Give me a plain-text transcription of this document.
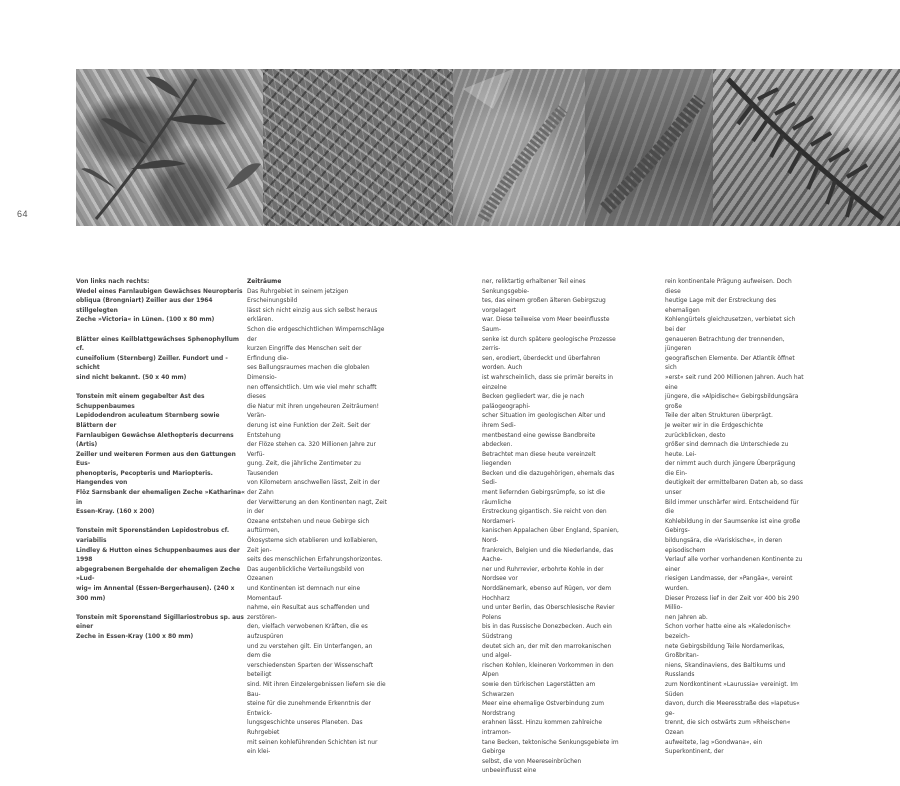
64

Von links nach rechts:
Wedel eines Farnlaubigen Gewächses Neuropteris
obliqua (Brongniart) Zeiller aus der 1964 stillgelegten
Zeche »Victoria« in Lünen. (100 x 80 mm)

Blätter eines Keilblattgewächses Sphenophyllum cf.
cuneifolium (Sternberg) Zeiller. Fundort und -schicht
sind nicht bekannt. (50 x 40 mm)

Tonstein mit einem gegabelter Ast des Schuppenbaumes
Lepidodendron aculeatum Sternberg sowie Blättern der
Farnlaubigen Gewächse Alethopteris decurrens (Artis)
Zeiller und weiteren Formen aus den Gattungen Eus-
phenopteris, Pecopteris und Mariopteris. Hangendes von
Flöz Sarnsbank der ehemaligen Zeche »Katharina« in
Essen-Kray. (160 x 200)

Tonstein mit Sporenständen Lepidostrobus cf. variabilis
Lindley & Hutton eines Schuppenbaumes aus der 1998
abgegrabenen Bergehalde der ehemaligen Zeche »Lud-
wig« im Annental (Essen-Bergerhausen). (240 x 300 mm)

Tonstein mit Sporenstand Sigillariostrobus sp. aus einer
Zeche in Essen-Kray (100 x 80 mm)

Zeiträume

Das Ruhrgebiet in seinem jetzigen Erscheinungsbild
lässt sich nicht einzig aus sich selbst heraus erklären.
Schon die erdgeschichtlichen Wimpernschläge der
kurzen Eingriffe des Menschen seit der Erfindung die-
ses Ballungsraumes machen die globalen Dimensio-
nen offensichtlich. Um wie viel mehr schafft dieses
die Natur mit ihren ungeheuren Zeiträumen! Verän-
derung ist eine Funktion der Zeit. Seit der Entstehung
der Flöze stehen ca. 320 Millionen Jahre zur Verfü-
gung. Zeit, die jährliche Zentimeter zu Tausenden
von Kilometern anschwellen lässt, Zeit in der der Zahn
der Verwitterung an den Kontinenten nagt, Zeit in der
Ozeane entstehen und neue Gebirge sich auftürmen,
Ökosysteme sich etablieren und kollabieren, Zeit jen-
seits des menschlichen Erfahrungshorizontes.
Das augenblickliche Verteilungsbild von Ozeanen
und Kontinenten ist demnach nur eine Momentauf-
nahme, ein Resultat aus schaffenden und zerstören-
den, vielfach verwobenen Kräften, die es aufzuspüren
und zu verstehen gilt. Ein Unterfangen, an dem die
verschiedensten Sparten der Wissenschaft beteiligt
sind. Mit ihren Einzelergebnissen liefern sie die Bau-
steine für die zunehmende Erkenntnis der Entwick-
lungsgeschichte unseres Planeten. Das Ruhrgebiet
mit seinen kohleführenden Schichten ist nur ein klei-

ner, reliktartig erhaltener Teil eines Senkungsgebie-
tes, das einem großen älteren Gebirgszug vorgelagert
war. Diese teilweise vom Meer beeinflusste Saum-
senke ist durch spätere geologische Prozesse zerris-
sen, erodiert, überdeckt und überfahren worden. Auch
ist wahrscheinlich, dass sie primär bereits in einzelne
Becken gegliedert war, die je nach paläogeographi-
scher Situation im geologischen Alter und ihrem Sedi-
mentbestand eine gewisse Bandbreite abdecken.
Betrachtet man diese heute vereinzelt liegenden
Becken und die dazugehörigen, ehemals das Sedi-
ment liefernden Gebirgsrümpfe, so ist die räumliche
Erstreckung gigantisch. Sie reicht von den Nordameri-
kanischen Appalachen über England, Spanien, Nord-
frankreich, Belgien und die Niederlande, das Aache-
ner und Ruhrrevier, erbohrte Kohle in der Nordsee vor
Norddänemark, ebenso auf Rügen, vor dem Hochharz
und unter Berlin, das Oberschlesische Revier Polens
bis in das Russische Donezbecken. Auch ein Südstrang
deutet sich an, der mit den marrokanischen und algel-
rischen Kohlen, kleineren Vorkommen in den Alpen
sowie den türkischen Lagerstätten am Schwarzen
Meer eine ehemalige Ostverbindung zum Nordstrang
erahnen lässt. Hinzu kommen zahlreiche intramon-
tane Becken, tektonische Senkungsgebiete im Gebirge
selbst, die von Meereseinbrüchen unbeeinflusst eine

rein kontinentale Prägung aufweisen. Doch diese
heutige Lage mit der Erstreckung des ehemaligen
Kohlengürtels gleichzusetzen, verbietet sich bei der
genaueren Betrachtung der trennenden, jüngeren
geografischen Elemente. Der Atlantik öffnet sich
»erst« seit rund 200 Millionen Jahren. Auch hat eine
jüngere, die »Alpidische« Gebirgsbildungsära große
Teile der alten Strukturen überprägt.
Je weiter wir in die Erdgeschichte zurückblicken, desto
größer sind demnach die Unterschiede zu heute. Lei-
der nimmt auch durch jüngere Überprägung die Ein-
deutigkeit der ermittelbaren Daten ab, so dass unser
Bild immer unschärfer wird. Entscheidend für die
Kohlebildung in der Saumsenke ist eine große Gebirgs-
bildungsära, die »Variskische«, in deren episodischem
Verlauf alle vorher vorhandenen Kontinente zu einer
riesigen Landmasse, der »Pangäa«, vereint wurden.
Dieser Prozess lief in der Zeit vor 400 bis 290 Millio-
nen Jahren ab.
Schon vorher hatte eine als »Kaledonisch« bezeich-
nete Gebirgsbildung Teile Nordamerikas, Großbritan-
niens, Skandinaviens, des Baltikums und Russlands
zum Nordkontinent »Laurussia« vereinigt. Im Süden
davon, durch die Meeresstraße des »Iapetus« ge-
trennt, die sich ostwärts zum »Rheischen« Ozean
aufweitete, lag »Gondwana«, ein Superkontinent, der
